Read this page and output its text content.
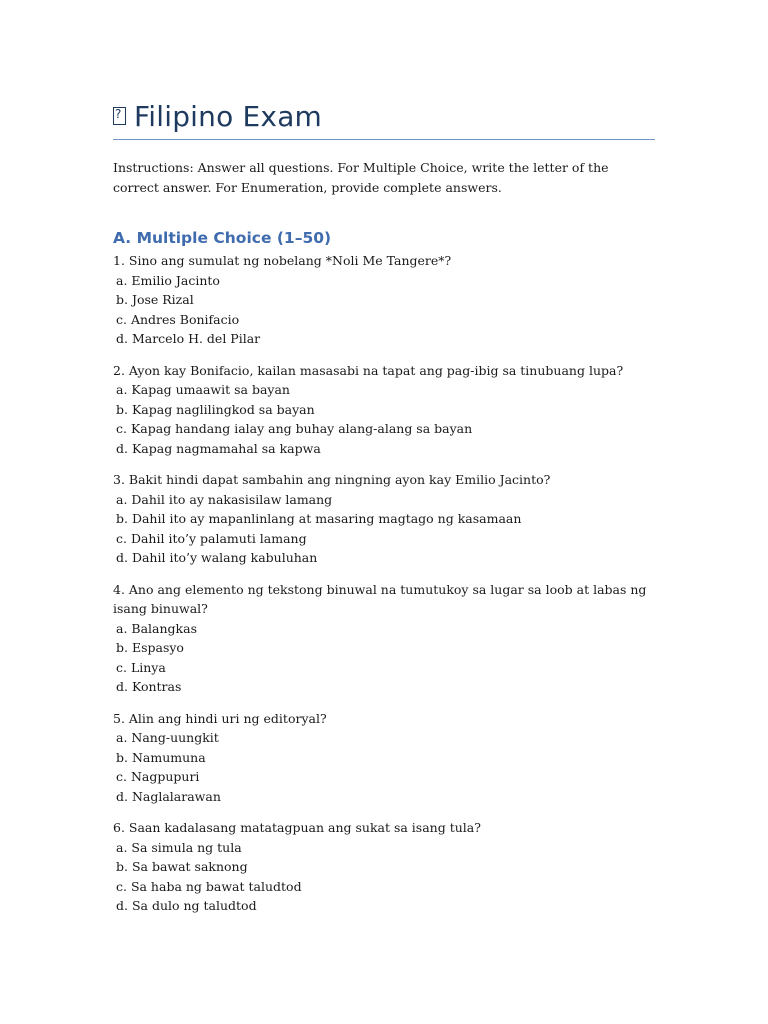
?
Filipino Exam

Instructions: Answer all questions. For Multiple Choice, write the letter of the correct answer. For Enumeration, provide complete answers.

A. Multiple Choice (1–50)
1. Sino ang sumulat ng nobelang *Noli Me Tangere*?
a. Emilio Jacinto
b. Jose Rizal
c. Andres Bonifacio
d. Marcelo H. del Pilar
2. Ayon kay Bonifacio, kailan masasabi na tapat ang pag-ibig sa tinubuang lupa?
a. Kapag umaawit sa bayan
b. Kapag naglilingkod sa bayan
c. Kapag handang ialay ang buhay alang-alang sa bayan
d. Kapag nagmamahal sa kapwa
3. Bakit hindi dapat sambahin ang ningning ayon kay Emilio Jacinto?
a. Dahil ito ay nakasisilaw lamang
b. Dahil ito ay mapanlinlang at masaring magtago ng kasamaan
c. Dahil ito’y palamuti lamang
d. Dahil ito’y walang kabuluhan
4. Ano ang elemento ng tekstong binuwal na tumutukoy sa lugar sa loob at labas ng isang binuwal?
a. Balangkas
b. Espasyo
c. Linya
d. Kontras
5. Alin ang hindi uri ng editoryal?
a. Nang-uungkit
b. Namumuna
c. Nagpupuri
d. Naglalarawan
6. Saan kadalasang matatagpuan ang sukat sa isang tula?
a. Sa simula ng tula
b. Sa bawat saknong
c. Sa haba ng bawat taludtod
d. Sa dulo ng taludtod
